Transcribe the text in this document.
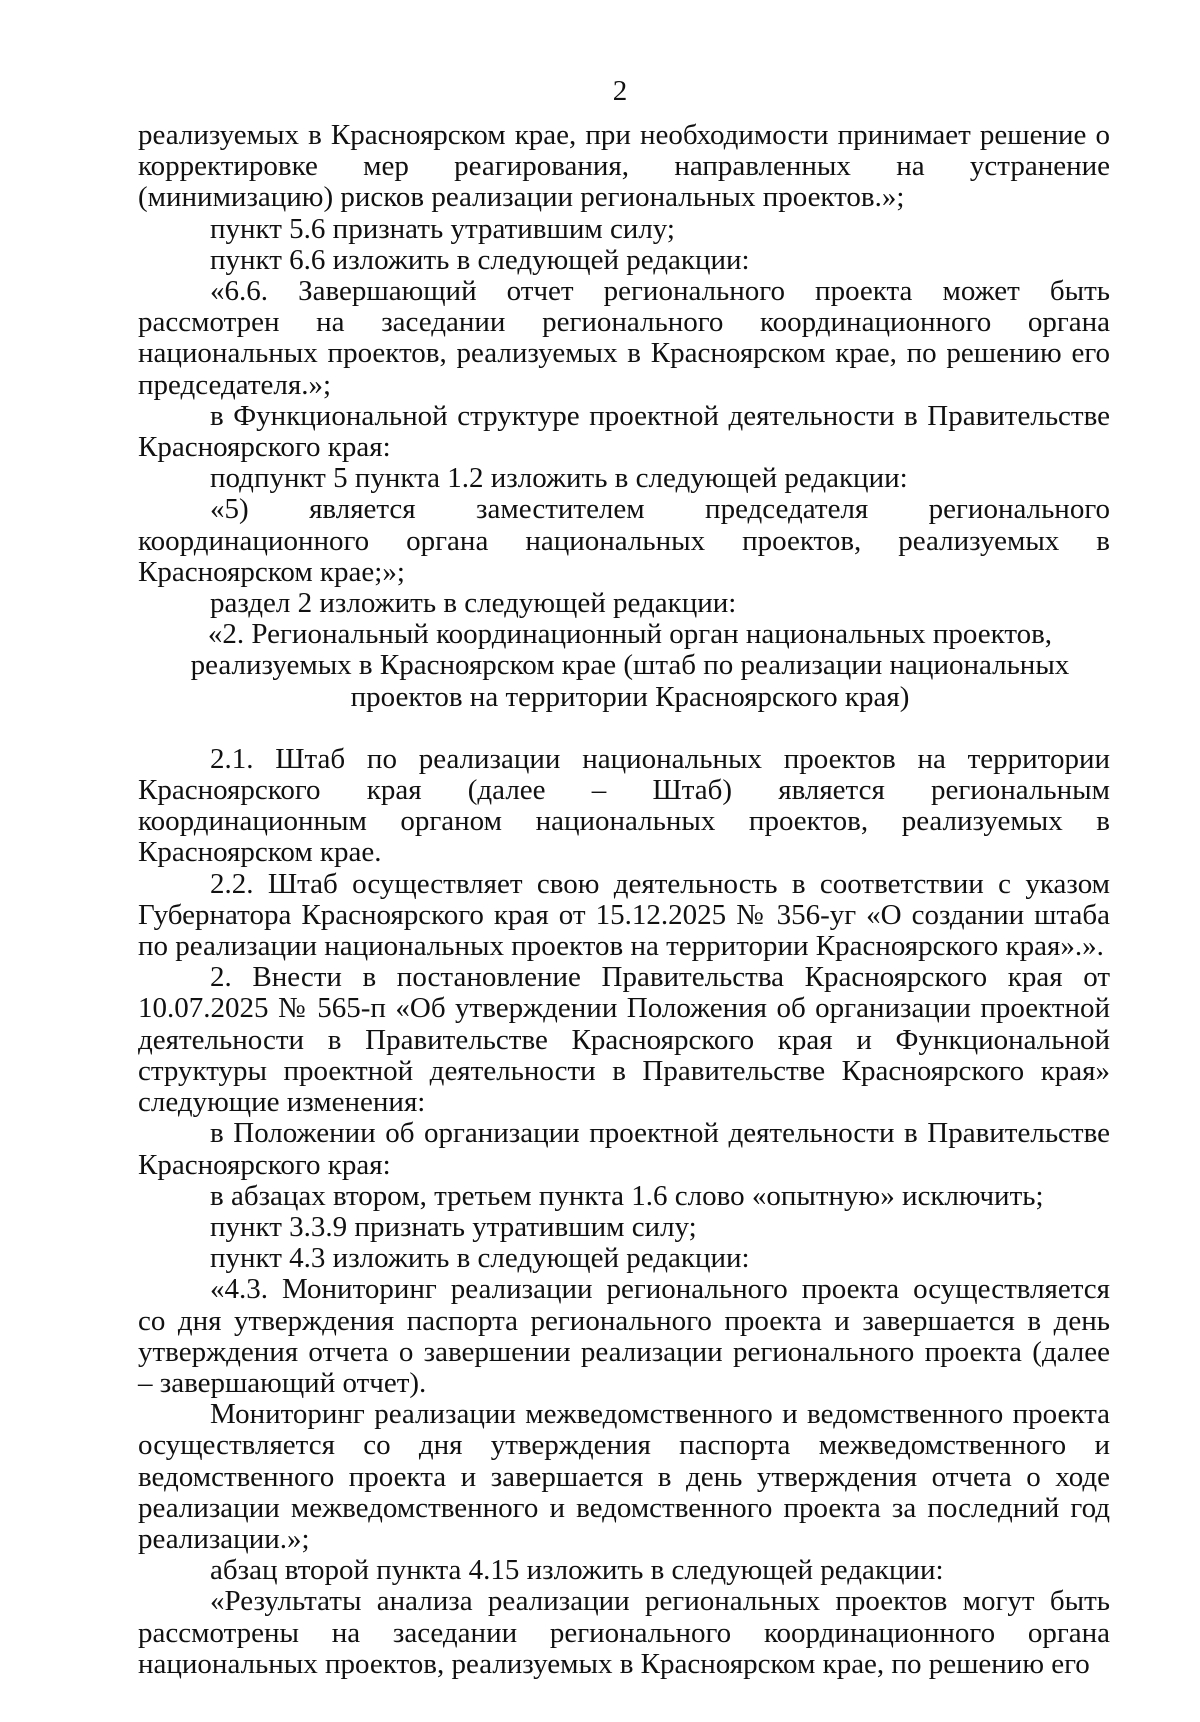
2

реализуемых в Красноярском крае, при необходимости принимает решение о корректировке мер реагирования, направленных на устранение (минимизацию) рисков реализации региональных проектов.»;

пункт 5.6 признать утратившим силу;

пункт 6.6 изложить в следующей редакции:

«6.6. Завершающий отчет регионального проекта может быть рассмотрен на заседании регионального координационного органа национальных проектов, реализуемых в Красноярском крае, по решению его председателя.»;

в Функциональной структуре проектной деятельности в Правительстве Красноярского края:

подпункт 5 пункта 1.2 изложить в следующей редакции:

«5) является заместителем председателя регионального координационного органа национальных проектов, реализуемых в Красноярском крае;»;

раздел 2 изложить в следующей редакции:

«2. Региональный координационный орган национальных проектов,

реализуемых в Красноярском крае (штаб по реализации национальных

проектов на территории Красноярского края)

2.1. Штаб по реализации национальных проектов на территории Красноярского края (далее – Штаб) является региональным координационным органом национальных проектов, реализуемых в Красноярском крае.

2.2. Штаб осуществляет свою деятельность в соответствии с указом Губернатора Красноярского края от 15.12.2025 № 356-уг «О создании штаба по реализации национальных проектов на территории Красноярского края».».

2. Внести в постановление Правительства Красноярского края от 10.07.2025 № 565-п «Об утверждении Положения об организации проектной деятельности в Правительстве Красноярского края и Функциональной структуры проектной деятельности в Правительстве Красноярского края» следующие изменения:

в Положении об организации проектной деятельности в Правительстве Красноярского края:

в абзацах втором, третьем пункта 1.6 слово «опытную» исключить;

пункт 3.3.9 признать утратившим силу;

пункт 4.3 изложить в следующей редакции:

«4.3. Мониторинг реализации регионального проекта осуществляется со дня утверждения паспорта регионального проекта и завершается в день утверждения отчета о завершении реализации регионального проекта (далее – завершающий отчет).

Мониторинг реализации межведомственного и ведомственного проекта осуществляется со дня утверждения паспорта межведомственного и ведомственного проекта и завершается в день утверждения отчета о ходе реализации межведомственного и ведомственного проекта за последний год реализации.»;

абзац второй пункта 4.15 изложить в следующей редакции:

«Результаты анализа реализации региональных проектов могут быть рассмотрены на заседании регионального координационного органа национальных проектов, реализуемых в Красноярском крае, по решению его
